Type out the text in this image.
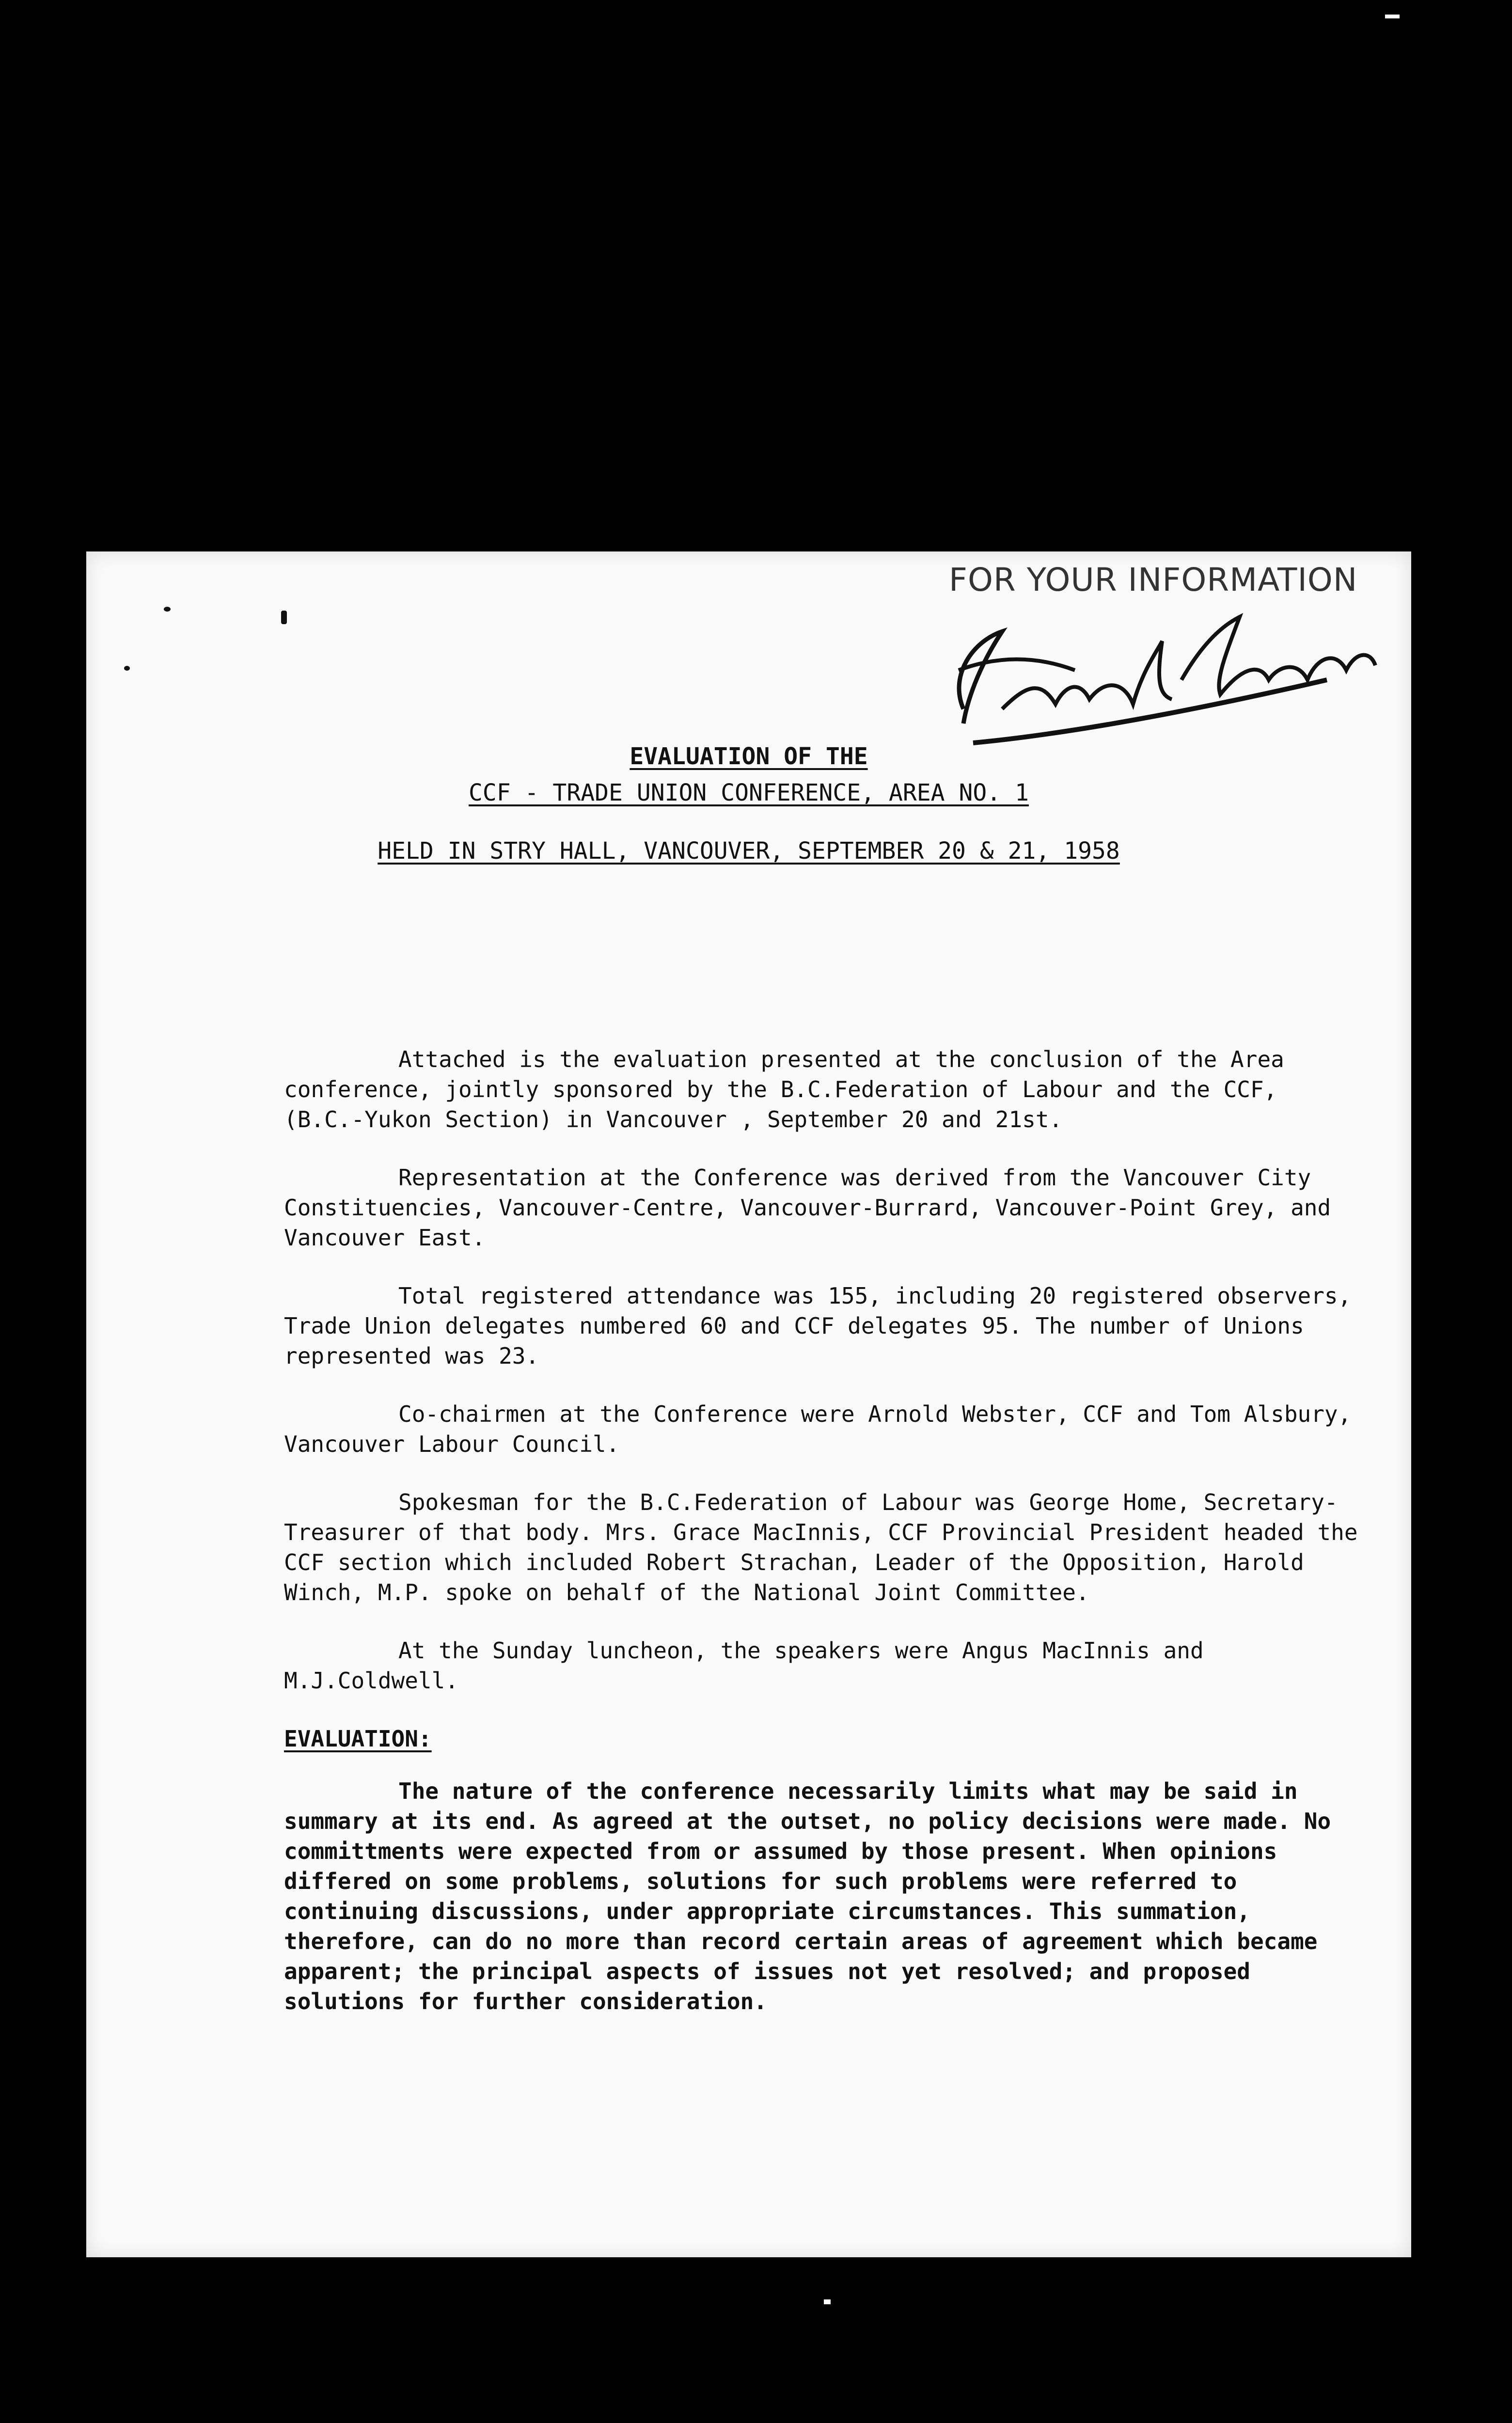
FOR YOUR INFORMATION
EVALUATION OF THE
CCF - TRADE UNION CONFERENCE, AREA NO. 1
HELD IN STRY HALL, VANCOUVER, SEPTEMBER 20 & 21, 1958

Attached is the evaluation presented at the conclusion of the Area conference, jointly sponsored by the B.C.Federation of Labour and the CCF, (B.C.-Yukon Section) in Vancouver , September 20 and 21st.

Representation at the Conference was derived from the Vancouver City Constituencies, Vancouver-Centre, Vancouver-Burrard, Vancouver-Point Grey, and Vancouver East.

Total registered attendance was 155, including 20 registered observers, Trade Union delegates numbered 60 and CCF delegates 95. The number of Unions represented was 23.

Co-chairmen at the Conference were Arnold Webster, CCF and Tom Alsbury, Vancouver Labour Council.

Spokesman for the B.C.Federation of Labour was George Home, Secretary-Treasurer of that body. Mrs. Grace MacInnis, CCF Provincial President headed the CCF section which included Robert Strachan, Leader of the Opposition, Harold Winch, M.P. spoke on behalf of the National Joint Committee.

At the Sunday luncheon, the speakers were Angus MacInnis and M.J.Coldwell.

EVALUATION:

The nature of the conference necessarily limits what may be said in summary at its end. As agreed at the outset, no policy decisions were made. No committments were expected from or assumed by those present. When opinions differed on some problems, solutions for such problems were referred to continuing discussions, under appropriate circumstances. This summation, therefore, can do no more than record certain areas of agreement which became apparent; the principal aspects of issues not yet resolved; and proposed solutions for further consideration.
